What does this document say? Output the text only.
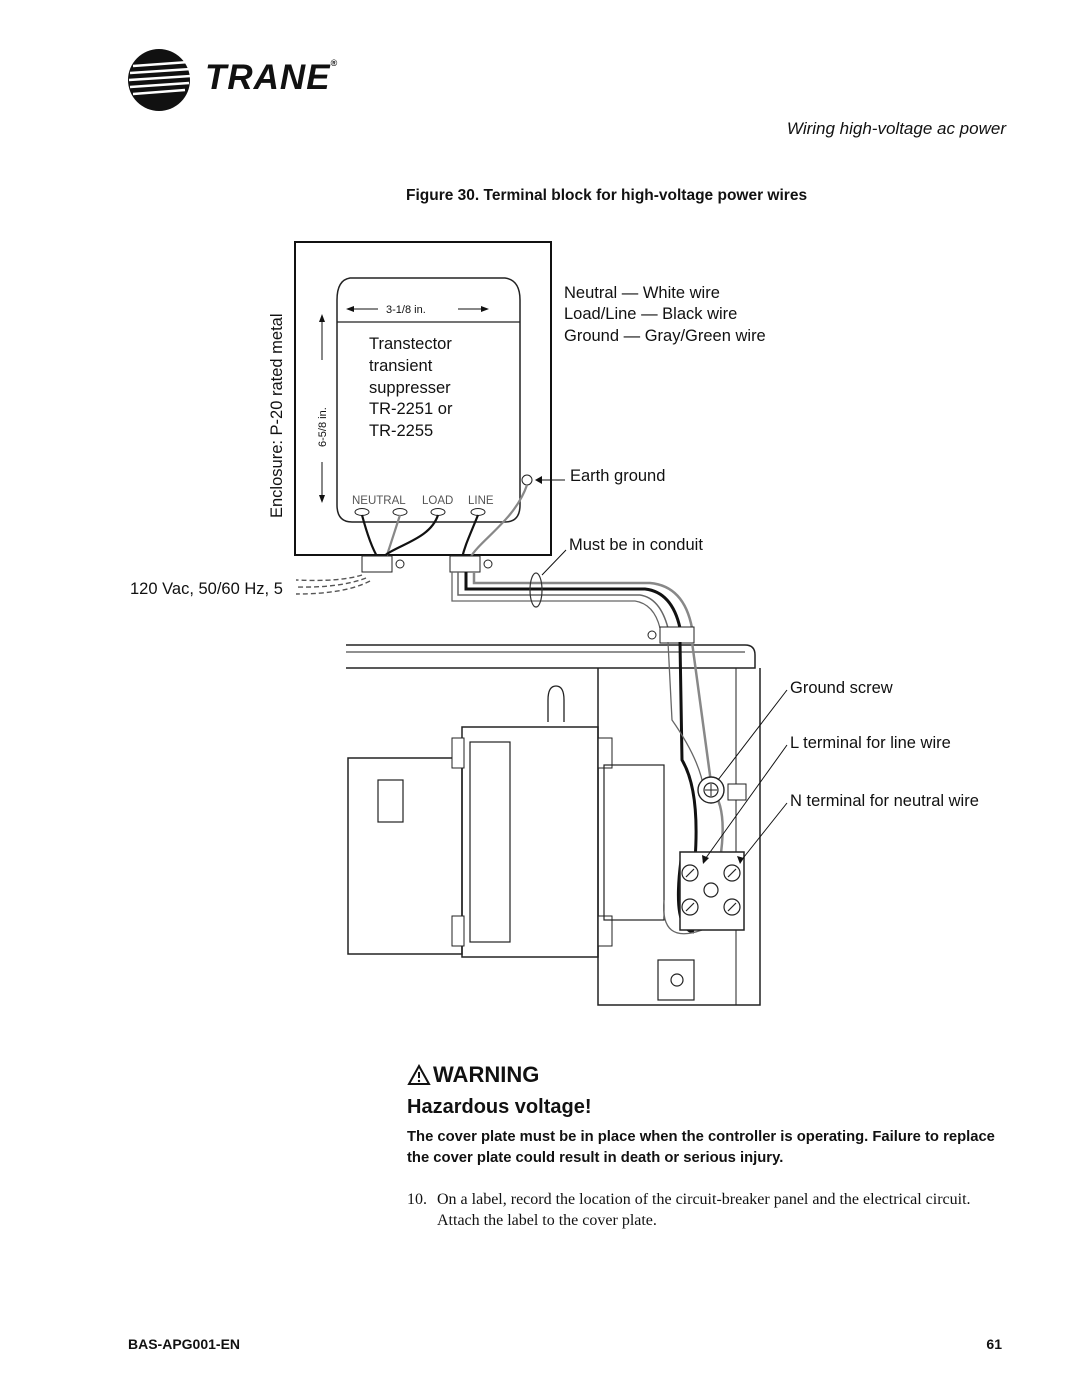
TRANE®
Wiring high-voltage ac power
Figure 30. Terminal block for high-voltage power wires
3-1/8 in.
6-5/8 in.
Enclosure: P-20 rated metal	Transtector
transient
suppresser
TR-2251 or
TR-2255
NEUTRAL LOAD LINE
120 Vac, 50/60 Hz, 5
Neutral — White wire
Load/Line — Black wire
Ground — Gray/Green wire
Earth ground
Must be in conduit
Ground screw
L terminal for line wire
N terminal for neutral wire
WARNING
Hazardous voltage!
The cover plate must be in place when the controller is operating. Failure to replace the cover plate could result in death or serious injury.
10. On a label, record the location of the circuit-breaker panel and the electrical circuit. Attach the label to the cover plate.
BAS-APG001-EN	61
